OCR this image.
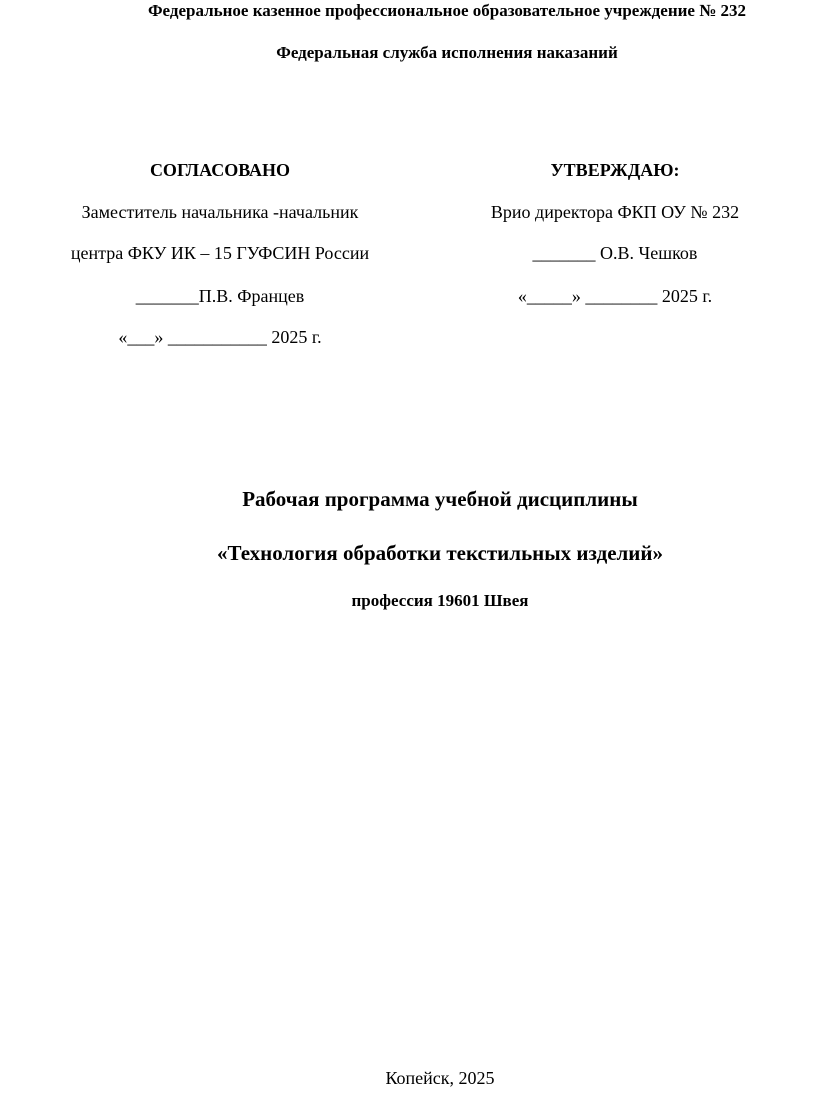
Федеральное казенное профессиональное образовательное учреждение № 232
Федеральная служба исполнения наказаний
СОГЛАСОВАНО
Заместитель начальника -начальник
центра ФКУ ИК – 15 ГУФСИН России
_______П.В. Францев
«___» ___________ 2025 г.
УТВЕРЖДАЮ:
Врио директора ФКП ОУ № 232
_______ О.В. Чешков
«_____» ________ 2025 г.
Рабочая программа учебной дисциплины
«Технология обработки текстильных изделий»
профессия 19601 Швея
Копейск, 2025
